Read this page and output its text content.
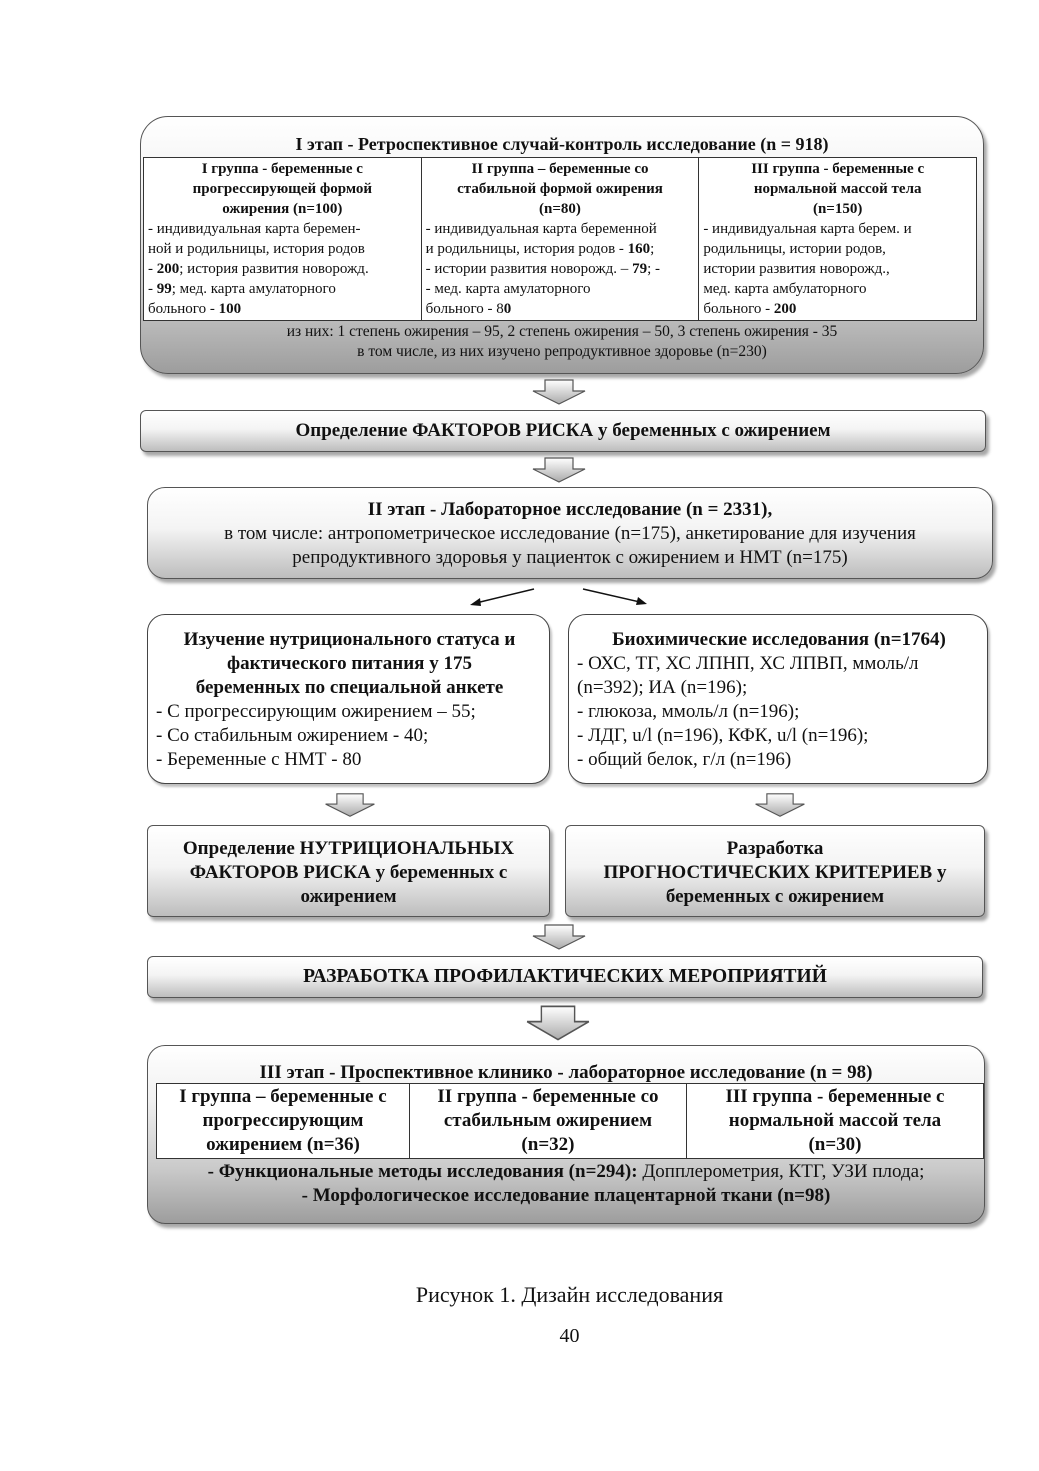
I этап - Ретроспективное случай-контроль исследование (n = 918)
I группа - беременные с
прогрессирующей формой
ожирения (n=100)
- индивидуальная карта беремен-
ной и родильницы, история родов
- 200; история развития новорожд.
- 99; мед. карта амулаторного
больного - 100

II группа – беременные со
стабильной формой ожирения
(n=80)
- индивидуальная карта беременной
и родильницы, история родов - 160;
- истории развития новорожд. – 79; -
- мед. карта амулаторного
больного - 80

III группа - беременные с
нормальной массой тела
(n=150)
- индивидуальная карта берем. и
родильницы, истории родов,
истории развития новорожд.,
мед. карта амбулаторного
больного - 200
из них: 1 степень ожирения – 95, 2 степень ожирения – 50, 3 степень ожирения - 35
в том числе, из них изучено репродуктивное здоровье (n=230)
Определение ФАКТОРОВ РИСКА у беременных с ожирением
II этап - Лабораторное исследование (n = 2331),
в том числе: антропометрическое исследование (n=175), анкетирование для изучения
репродуктивного здоровья у пациенток с ожирением и НМТ (n=175)
Изучение нутриционального статуса и
фактического питания у 175
беременных по специальной анкете
- С прогрессирующим ожирением – 55;
- Со стабильным ожирением - 40;
- Беременные с НМТ - 80
Биохимические исследования (n=1764)
- ОХС, ТГ, ХС ЛПНП, ХС ЛПВП, ммоль/л
(n=392); ИА (n=196);
- глюкоза, ммоль/л (n=196);
- ЛДГ, u/l (n=196), КФК, u/l (n=196);
- общий белок, г/л (n=196)
Определение НУТРИЦИОНАЛЬНЫХ
ФАКТОРОВ РИСКА у беременных с
ожирением
Разработка
ПРОГНОСТИЧЕСКИХ КРИТЕРИЕВ у
беременных с ожирением
РАЗРАБОТКА ПРОФИЛАКТИЧЕСКИХ МЕРОПРИЯТИЙ
III этап - Проспективное клинико - лабораторное исследование (n = 98)
I группа – беременные с
прогрессирующим
ожирением (n=36)

II группа - беременные со
стабильным ожирением
(n=32)

III группа - беременные с
нормальной массой тела
(n=30)
- Функциональные методы исследования (n=294): Допплерометрия, КТГ, УЗИ плода;
- Морфологическое исследование плацентарной ткани (n=98)
Рисунок 1. Дизайн исследования
40
